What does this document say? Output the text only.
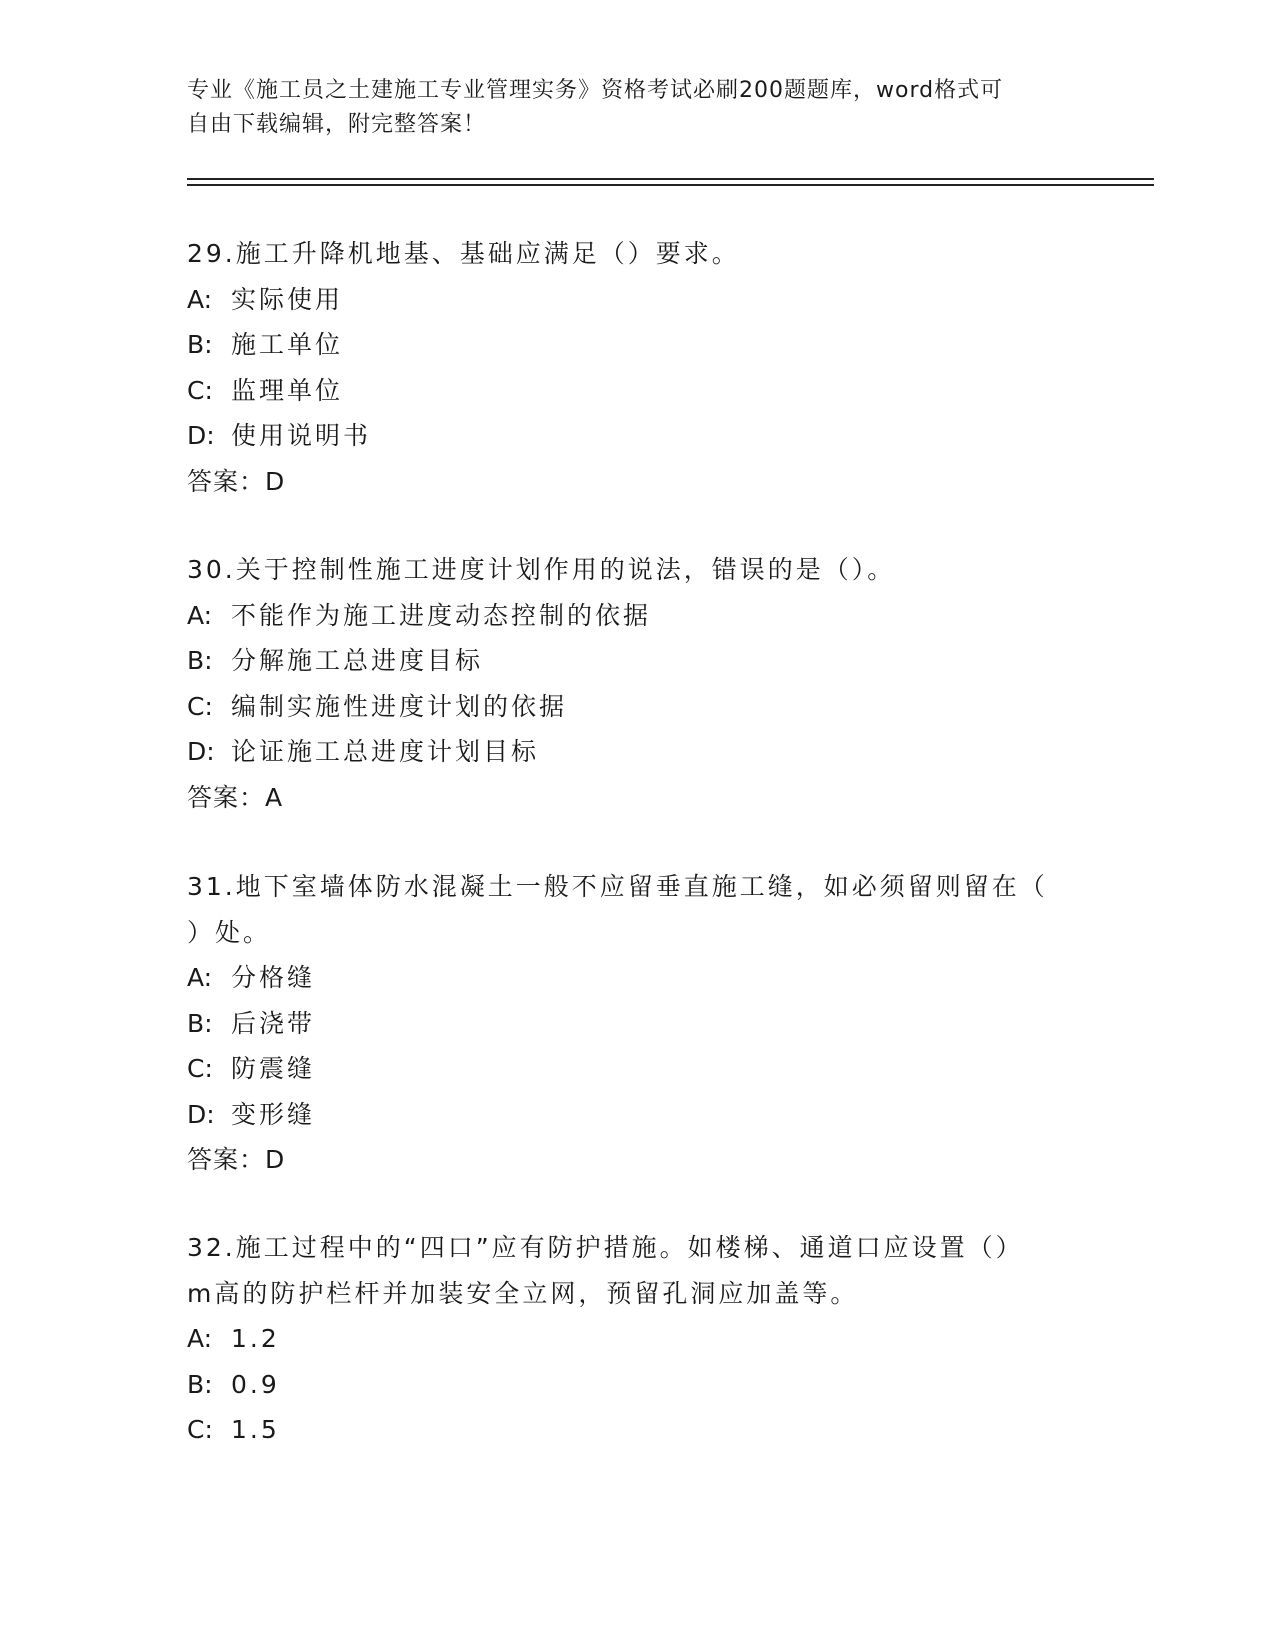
专业《施工员之土建施工专业管理实务》资格考试必刷200题题库，word格式可
自由下载编辑，附完整答案！

29.施工升降机地基、基础应满足（）要求。

A: 实际使用

B: 施工单位

C: 监理单位

D: 使用说明书

答案：D

30.关于控制性施工进度计划作用的说法，错误的是（）。

A: 不能作为施工进度动态控制的依据

B: 分解施工总进度目标

C: 编制实施性进度计划的依据

D: 论证施工总进度计划目标

答案：A

31.地下室墙体防水混凝土一般不应留垂直施工缝，如必须留则留在（

）处。

A: 分格缝

B: 后浇带

C: 防震缝

D: 变形缝

答案：D

32.施工过程中的“四口”应有防护措施。如楼梯、通道口应设置（）

m高的防护栏杆并加装安全立网，预留孔洞应加盖等。

A: 1.2

B: 0.9

C: 1.5
